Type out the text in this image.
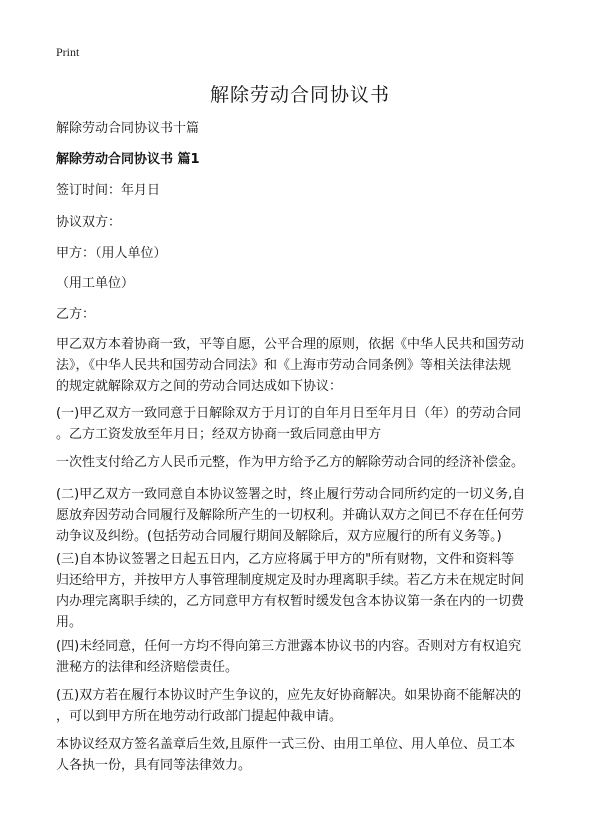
Print
解除劳动合同协议书

解除劳动合同协议书十篇

解除劳动合同协议书 篇1

签订时间：年月日

协议双方：

甲方：（用人单位）

（用工单位）

乙方：

甲乙双方本着协商一致，平等自愿，公平合理的原则，依据《中华人民共和国劳动
法》，《中华人民共和国劳动合同法》和《上海市劳动合同条例》等相关法律法规
的规定就解除双方之间的劳动合同达成如下协议：
(一)甲乙双方一致同意于日解除双方于月订的自年月日至年月日（年）的劳动合同
。乙方工资发放至年月日；经双方协商一致后同意由甲方

一次性支付给乙方人民币元整，作为甲方给予乙方的解除劳动合同的经济补偿金。

(二)甲乙双方一致同意自本协议签署之时，终止履行劳动合同所约定的一切义务,自
愿放弃因劳动合同履行及解除所产生的一切权利。并确认双方之间已不存在任何劳
动争议及纠纷。(包括劳动合同履行期间及解除后，双方应履行的所有义务等。)
(三)自本协议签署之日起五日内，乙方应将属于甲方的"所有财物，文件和资料等
归还给甲方，并按甲方人事管理制度规定及时办理离职手续。若乙方未在规定时间
内办理完离职手续的，乙方同意甲方有权暂时缓发包含本协议第一条在内的一切费
用。
(四)未经同意，任何一方均不得向第三方泄露本协议书的内容。否则对方有权追究
泄秘方的法律和经济赔偿责任。
(五)双方若在履行本协议时产生争议的，应先友好协商解决。如果协商不能解决的
，可以到甲方所在地劳动行政部门提起仲裁申请。
本协议经双方签名盖章后生效,且原件一式三份、由用工单位、用人单位、员工本
人各执一份，具有同等法律效力。
